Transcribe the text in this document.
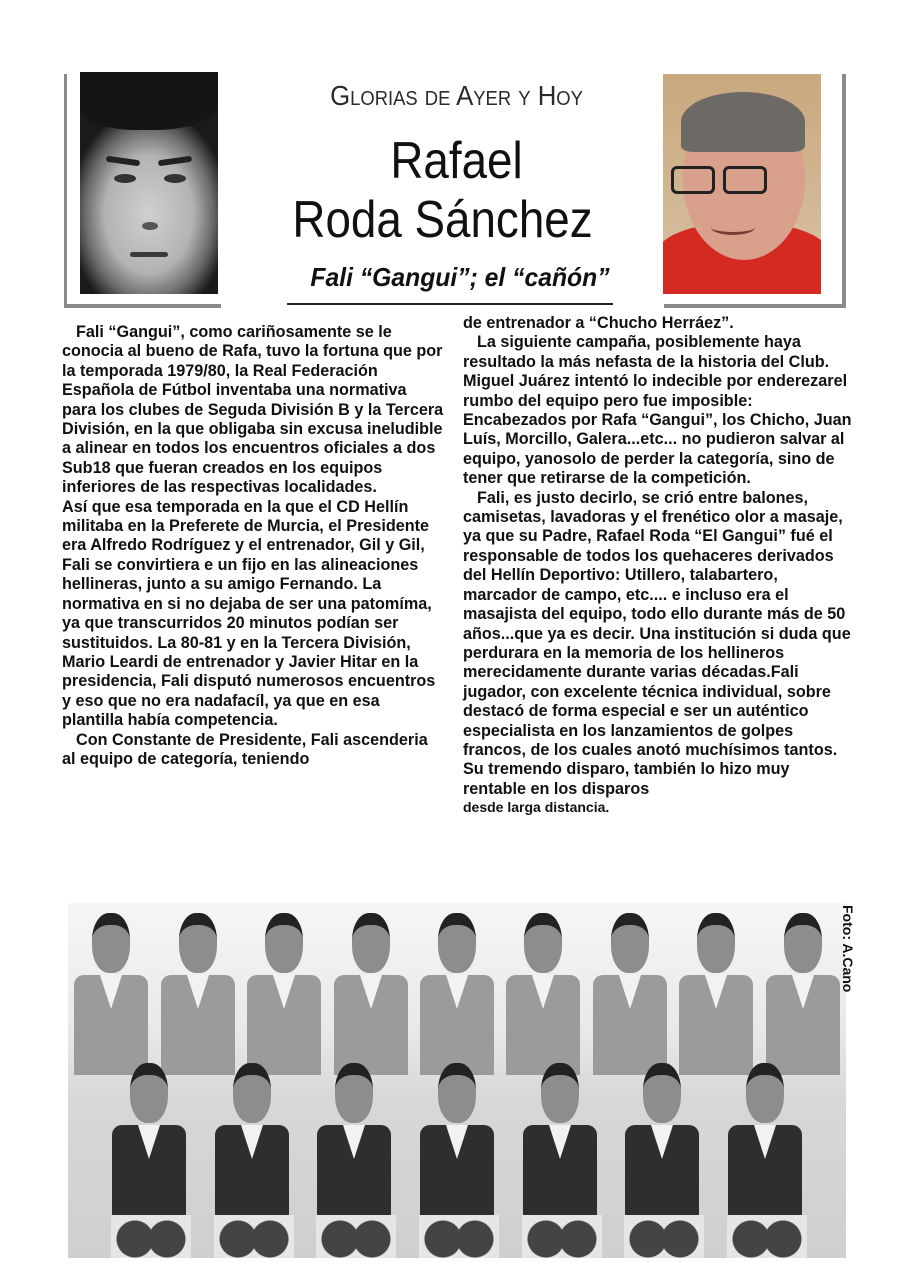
Glorias de Ayer y Hoy
Rafael
Roda Sánchez
Fali “Gangui”; el “cañón”

Fali “Gangui”, como cariñosamente se le conocia al bueno de Rafa, tuvo la fortuna que por la temporada 1979/80, la Real Federación Española de Fútbol inventaba una normativa para los clubes de Seguda División B y la Tercera División, en la que obligaba sin excusa ineludible a alinear en todos los encuentros oficiales a dos Sub18 que fueran creados en los equipos inferiores de las respectivas localidades.

Así que esa temporada en la que el CD Hellín militaba en la Preferete de Murcia, el Presidente era Alfredo Rodríguez y el entrenador, Gil y Gil, Fali se convirtiera e un fijo en las alineaciones hellineras, junto a su amigo Fernando. La normativa en si no dejaba de ser una patomíma, ya que transcurridos 20 minutos podían ser sustituidos. La 80-81 y en la Tercera División, Mario Leardi de entrenador y Javier Hitar en la presidencia, Fali disputó numerosos encuentros y eso que no era nadafacíl, ya que en esa plantilla había competencia.

Con Constante de Presidente, Fali ascenderia al equipo de categoría, teniendo

de entrenador a “Chucho Herráez”.

La siguiente campaña, posiblemente haya resultado la más nefasta de la historia del Club. Miguel Juárez intentó lo indecible por enderezarel rumbo del equipo pero fue imposible: Encabezados por Rafa “Gangui”, los Chicho, Juan Luís, Morcillo, Galera...etc... no pudieron salvar al equipo, yanosolo de perder la categoría, sino de tener que retirarse de la competición.

Fali, es justo decirlo, se crió entre balones, camisetas, lavadoras y el frenético olor a masaje, ya que su Padre, Rafael Roda “El Gangui” fué el responsable de todos los quehaceres derivados del Hellín Deportivo: Utillero, talabartero, marcador de campo, etc.... e incluso era el masajista del equipo, todo ello durante más de 50 años...que ya es decir. Una institución si duda que perdurara en la memoria de los hellineros merecidamente durante varias décadas.Fali jugador, con excelente técnica individual, sobre destacó de forma especial e ser un auténtico especialista en los lanzamientos de golpes francos, de los cuales anotó muchísimos tantos. Su tremendo disparo, también lo hizo muy rentable en los disparos

desde larga distancia.

Foto: A.Cano
